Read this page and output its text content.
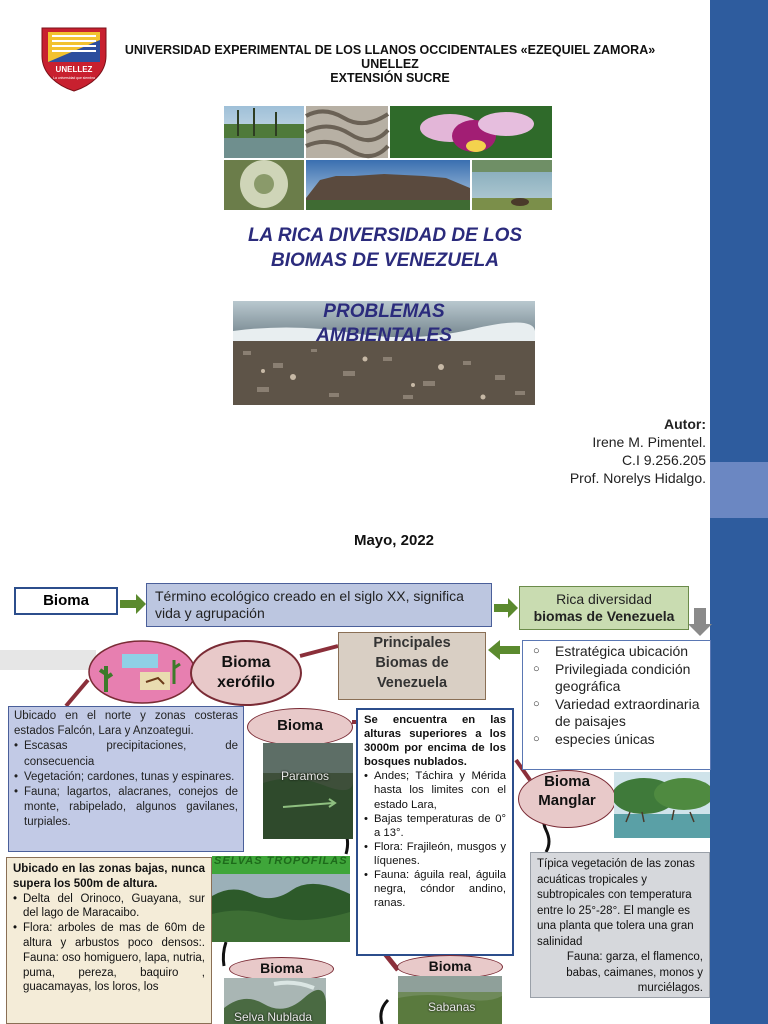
UNELLEZ
La universidad que siembra
UNIVERSIDAD EXPERIMENTAL DE LOS LLANOS OCCIDENTALES «EZEQUIEL ZAMORA»
UNELLEZ
EXTENSIÓN SUCRE
LA RICA DIVERSIDAD DE LOS
BIOMAS DE VENEZUELA
PROBLEMAS
AMBIENTALES
Autor:
Irene M. Pimentel.
C.I 9.256.205
Prof. Norelys Hidalgo.
Mayo, 2022
Bioma	Término ecológico creado en el siglo XX, significa vida y agrupación
Rica diversidad
biomas de Venezuela
Principales
Biomas de
Venezuela
○ Estratégica ubicación
○ Privilegiada condición geográfica
○ Variedad extraordinaria de paisajes
○ especies únicas
Bioma
xerófilo
Ubicado en el norte y zonas costeras estados Falcón, Lara y Anzoategui.
• Escasas precipitaciones, de consecuencia
• Vegetación; cardones, tunas y espinares.
• Fauna; lagartos, alacranes, conejos de monte, rabipelado, algunos gavilanes, turpiales.
Bioma
Paramos
Se encuentra en las alturas superiores a los 3000m por encima de los bosques nublados.
• Andes; Táchira y Mérida hasta los limites con el estado Lara,
• Bajas temperaturas de 0° a 13°.
• Flora: Frajileón, musgos y líquenes.
• Fauna: águila real, águila negra, cóndor andino, ranas.
Bioma
Manglar
Típica vegetación de las zonas acuáticas tropicales y subtropicales con temperatura entre lo 25°-28°. El mangle es una planta que tolera una gran salinidad
Fauna: garza, el flamenco, babas, caimanes, monos y murciélagos.
SELVAS TROPÓFILAS
Ubicado en las zonas bajas, nunca supera los 500m de altura.
• Delta del Orinoco, Guayana, sur del lago de Maracaibo.
• Flora: arboles de mas de 60m de altura y arbustos poco densos:. Fauna: oso homiguero, lapa, nutria, puma, pereza, baquiro , guacamayas, los loros, los
Bioma
Selva Nublada
Bioma
Sabanas
